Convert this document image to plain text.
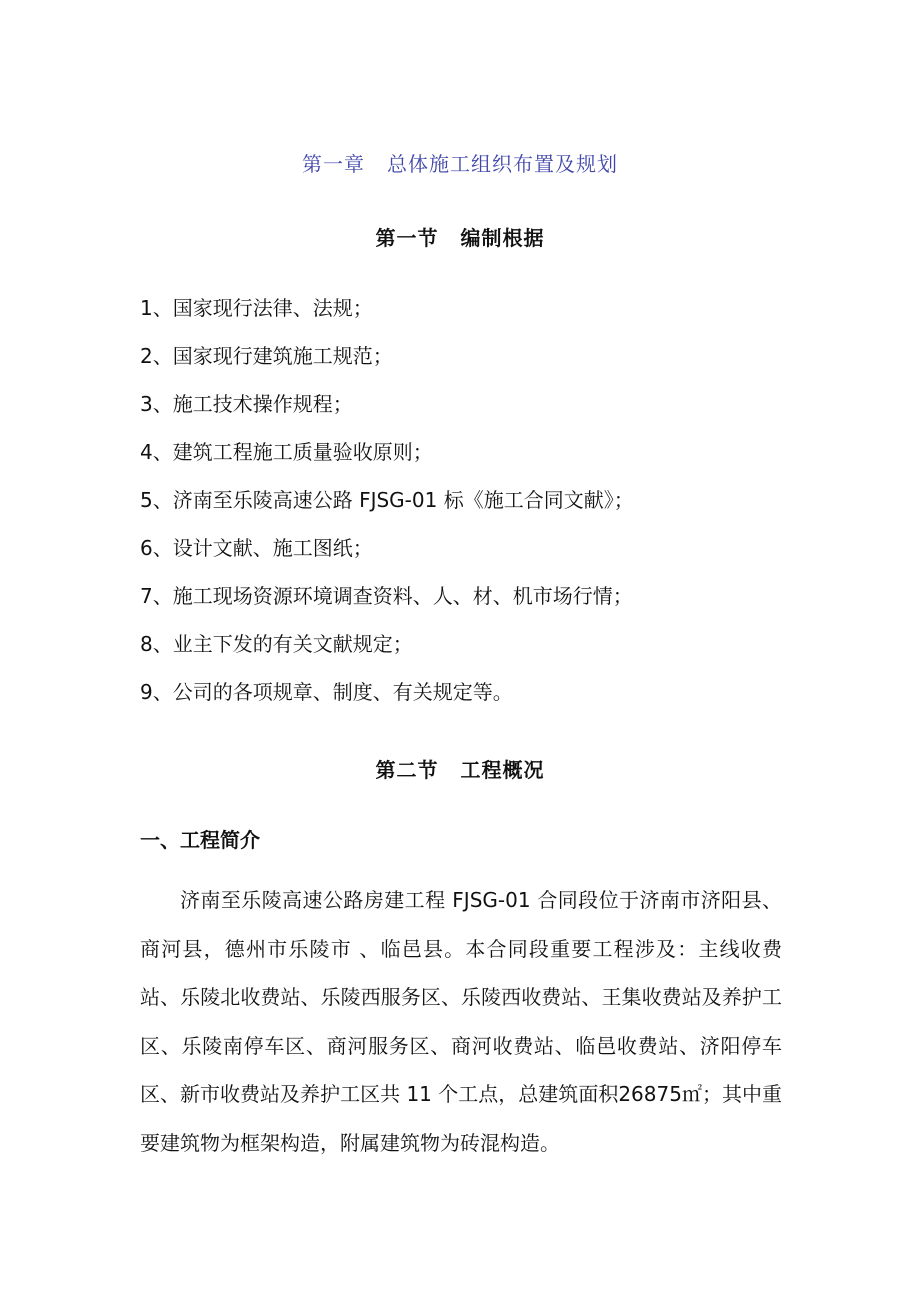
第一章 总体施工组织布置及规划
第一节 编制根据
1、国家现行法律、法规；
2、国家现行建筑施工规范；
3、施工技术操作规程；
4、建筑工程施工质量验收原则；
5、济南至乐陵高速公路 FJSG-01 标《施工合同文献》；
6、设计文献、施工图纸；
7、施工现场资源环境调查资料、人、材、机市场行情；
8、业主下发的有关文献规定；
9、公司的各项规章、制度、有关规定等。
第二节 工程概况
一、工程简介

济南至乐陵高速公路房建工程 FJSG-01 合同段位于济南市济阳县、商河县，德州市乐陵市 、临邑县。本合同段重要工程涉及：主线收费站、乐陵北收费站、乐陵西服务区、乐陵西收费站、王集收费站及养护工区、乐陵南停车区、商河服务区、商河收费站、临邑收费站、济阳停车区、新市收费站及养护工区共 11 个工点，总建筑面积26875㎡；其中重要建筑物为框架构造，附属建筑物为砖混构造。
